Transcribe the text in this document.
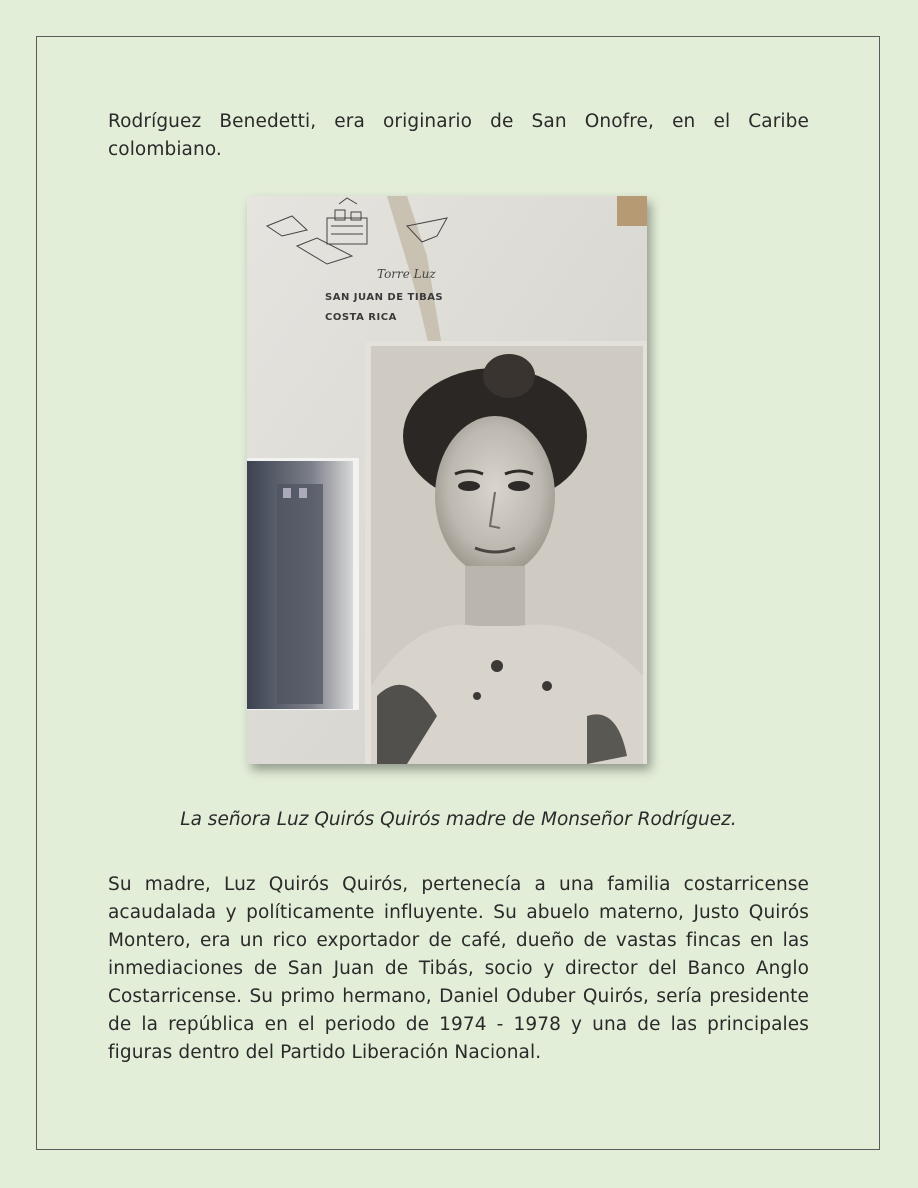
Rodríguez Benedetti, era originario de San Onofre, en el Caribe colombiano.

Torre Luz
SAN JUAN DE TIBAS
COSTA RICA

La señora Luz Quirós Quirós madre de Monseñor Rodríguez.

Su madre, Luz Quirós Quirós, pertenecía a una familia costarricense acaudalada y políticamente influyente. Su abuelo materno, Justo Quirós Montero, era un rico exportador de café, dueño de vastas fincas en las inmediaciones de San Juan de Tibás, socio y director del Banco Anglo Costarricense. Su primo hermano, Daniel Oduber Quirós, sería presidente de la república en el periodo de 1974 - 1978 y una de las principales figuras dentro del Partido Liberación Nacional.
